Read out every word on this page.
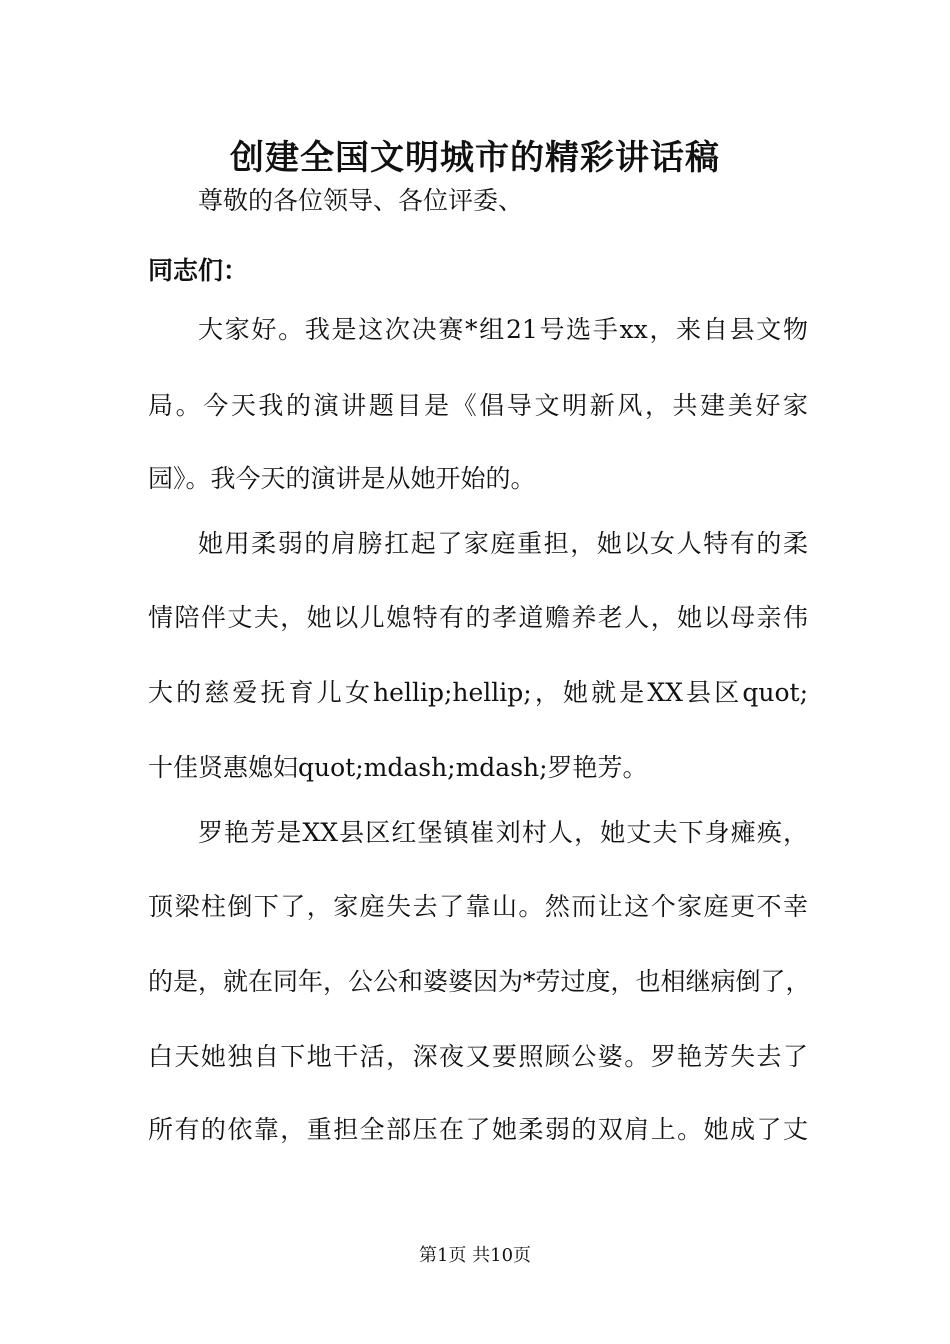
创建全国文明城市的精彩讲话稿
尊敬的各位领导、各位评委、
同志们：
大家好。我是这次决赛*组21号选手xx，来自县文物
局。今天我的演讲题目是《倡导文明新风，共建美好家
园》。我今天的演讲是从她开始的。
她用柔弱的肩膀扛起了家庭重担，她以女人特有的柔
情陪伴丈夫，她以儿媳特有的孝道赡养老人，她以母亲伟
大的慈爱抚育儿女hellip;hellip;，她就是XX县区quot;
十佳贤惠媳妇quot;mdash;mdash;罗艳芳。
罗艳芳是XX县区红堡镇崔刘村人，她丈夫下身瘫痪，
顶梁柱倒下了，家庭失去了靠山。然而让这个家庭更不幸
的是，就在同年，公公和婆婆因为*劳过度，也相继病倒了，
白天她独自下地干活，深夜又要照顾公婆。罗艳芳失去了
所有的依靠，重担全部压在了她柔弱的双肩上。她成了丈
第1页 共10页
